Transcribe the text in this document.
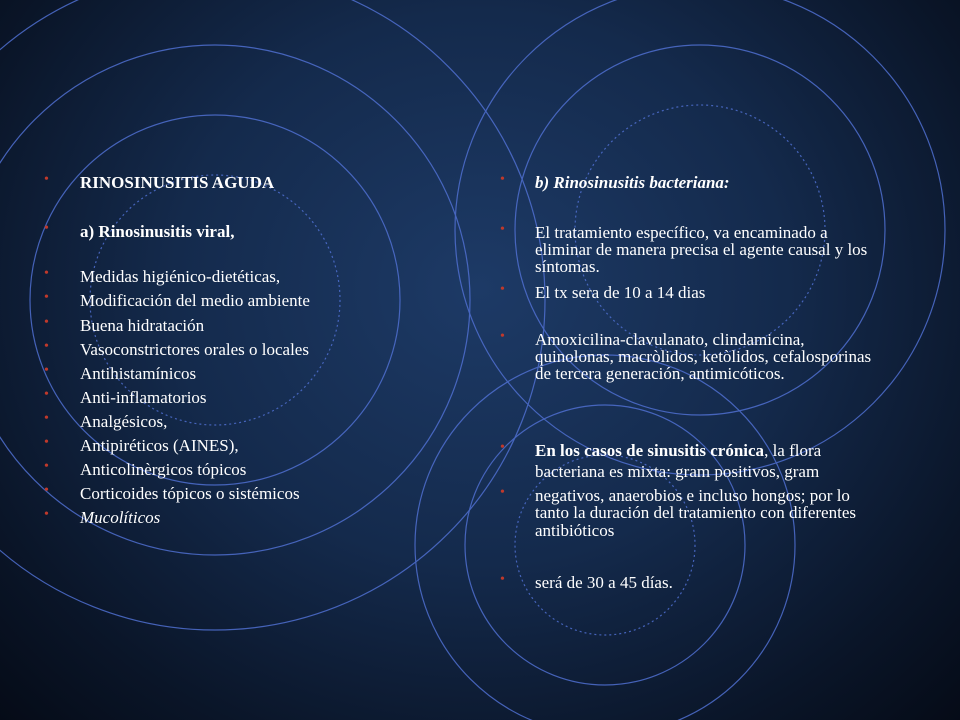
• RINOSINUSITIS AGUDA
• a) Rinosinusitis viral,
• Medidas higiénico-dietéticas,
• Modificación del medio ambiente
• Buena hidratación
• Vasoconstrictores orales o locales
• Antihistamínicos
• Anti-inflamatorios
• Analgésicos,
• Antipiréticos (AINES),
• Anticolinèrgicos tópicos
• Corticoides tópicos o sistémicos
• Mucolíticos
• b) Rinosinusitis bacteriana:
• El tratamiento específico, va encaminado a
eliminar de manera precisa el agente causal y los
síntomas.
• El tx sera de 10 a 14 dias
• Amoxicilina-clavulanato, clindamicina,
quinolonas, macròlidos, ketòlidos, cefalosporinas
de tercera generación, antimicóticos.
• En los casos de sinusitis crónica, la flora
bacteriana es mixta: gram positivos, gram
• negativos, anaerobios e incluso hongos; por lo
tanto la duración del tratamiento con diferentes
antibióticos
• será de 30 a 45 días.
